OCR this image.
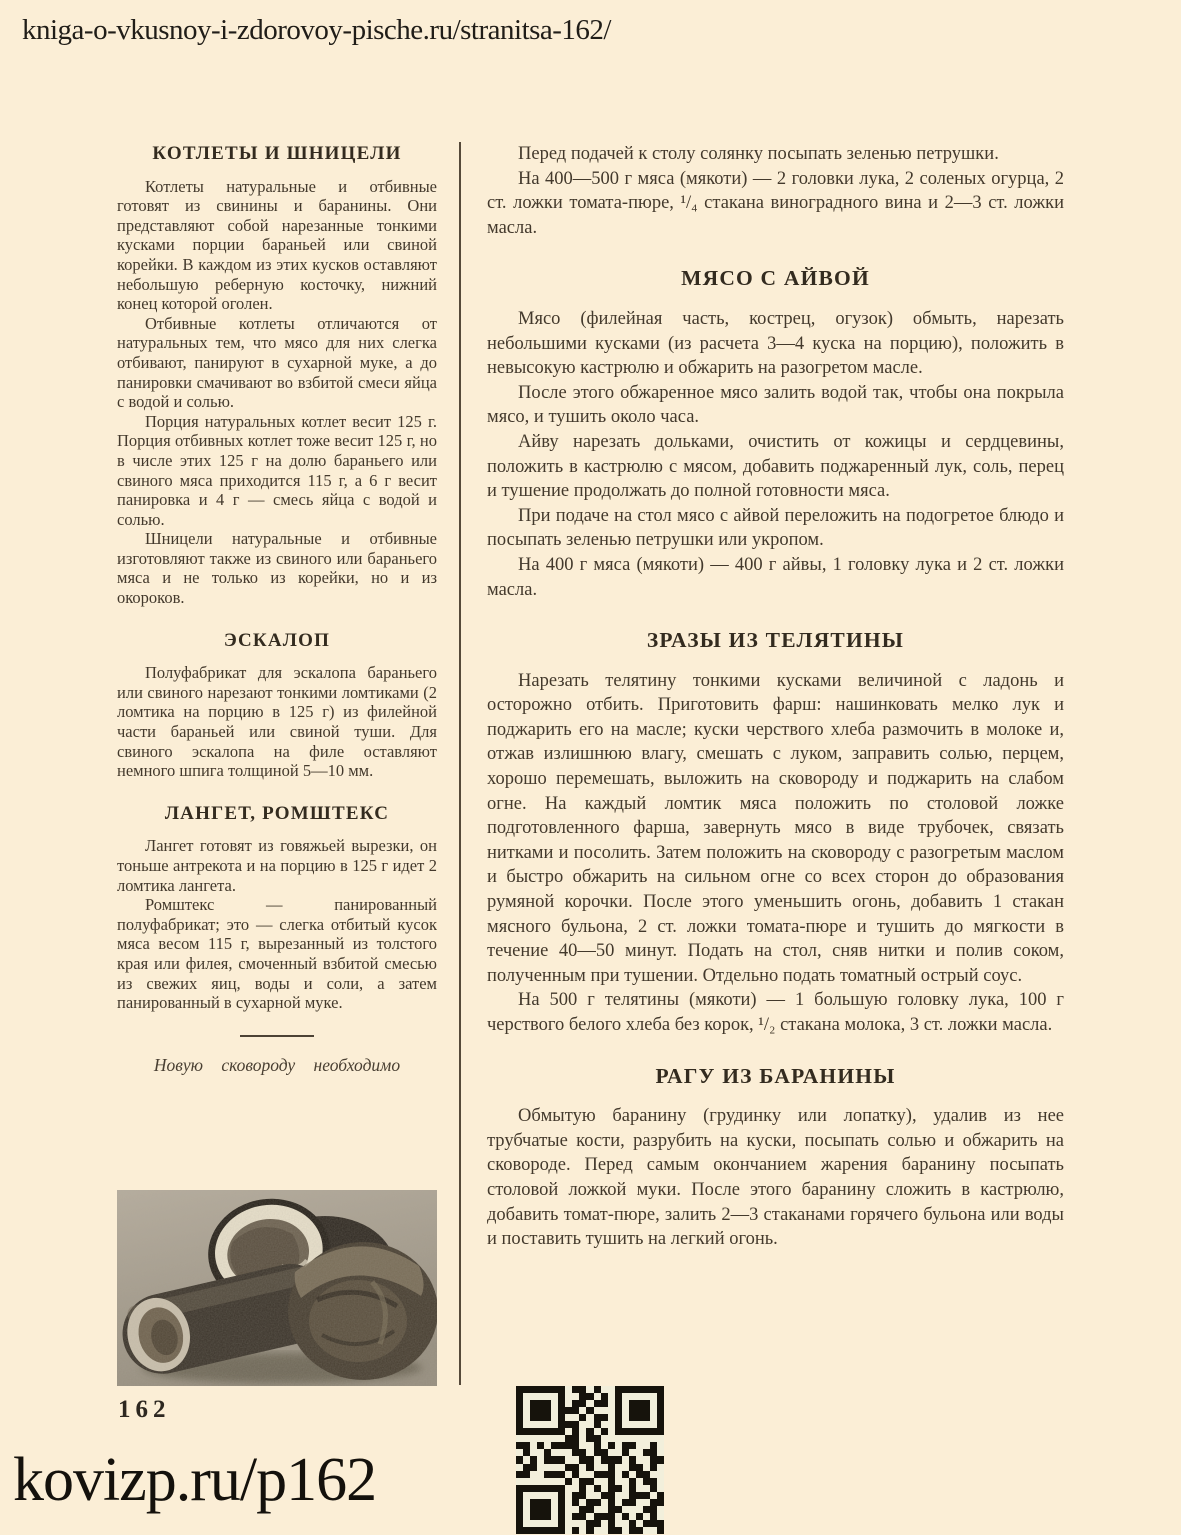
kniga-o-vkusnoy-i-zdorovoy-pische.ru/stranitsa-162/
КОТЛЕТЫ И ШНИЦЕЛИ

Котлеты натуральные и отбивные готовят из свинины и баранины. Они представляют собой нарезанные тонкими кусками порции бараньей или свиной корейки. В каждом из этих кусков оставляют небольшую реберную косточку, нижний конец которой оголен.

Отбивные котлеты отличаются от натуральных тем, что мясо для них слегка отбивают, панируют в сухарной муке, а до панировки смачивают во взбитой смеси яйца с водой и солью.

Порция натуральных котлет весит 125 г. Порция отбивных котлет тоже весит 125 г, но в числе этих 125 г на долю бараньего или свиного мяса приходится 115 г, а 6 г весит панировка и 4 г — смесь яйца с водой и солью.

Шницели натуральные и отбивные изготовляют также из свиного или бараньего мяса и не только из корейки, но и из окороков.

ЭСКАЛОП

Полуфабрикат для эскалопа бараньего или свиного нарезают тонкими ломтиками (2 ломтика на порцию в 125 г) из филейной части бараньей или свиной туши. Для свиного эскалопа на филе оставляют немного шпига толщиной 5—10 мм.

ЛАНГЕТ, РОМШТЕКС

Лангет готовят из говяжьей вырезки, он тоньше антрекота и на порцию в 125 г идет 2 ломтика лангета.

Ромштекс — панированный полуфабрикат; это — слегка отбитый кусок мяса весом 115 г, вырезанный из толстого края или филея, смоченный взбитой смесью из свежих яиц, воды и соли, а затем панированный в сухарной муке.

Новую сковороду необходимо
162

Перед подачей к столу солянку посыпать зеленью петрушки.

На 400—500 г мяса (мякоти) — 2 головки лука, 2 соленых огурца, 2 ст. ложки томата-пюре, ¹/₄ стакана виноградного вина и 2—3 ст. ложки масла.

МЯСО С АЙВОЙ

Мясо (филейная часть, кострец, огузок) обмыть, нарезать небольшими кусками (из расчета 3—4 куска на порцию), положить в невысокую кастрюлю и обжарить на разогретом масле.

После этого обжаренное мясо залить водой так, чтобы она покрыла мясо, и тушить около часа.

Айву нарезать дольками, очистить от кожицы и сердцевины, положить в кастрюлю с мясом, добавить поджаренный лук, соль, перец и тушение продолжать до полной готовности мяса.

При подаче на стол мясо с айвой переложить на подогретое блюдо и посыпать зеленью петрушки или укропом.

На 400 г мяса (мякоти) — 400 г айвы, 1 головку лука и 2 ст. ложки масла.

ЗРАЗЫ ИЗ ТЕЛЯТИНЫ

Нарезать телятину тонкими кусками величиной с ладонь и осторожно отбить. Приготовить фарш: нашинковать мелко лук и поджарить его на масле; куски черствого хлеба размочить в молоке и, отжав излишнюю влагу, смешать с луком, заправить солью, перцем, хорошо перемешать, выложить на сковороду и поджарить на слабом огне. На каждый ломтик мяса положить по столовой ложке подготовленного фарша, завернуть мясо в виде трубочек, связать нитками и посолить. Затем положить на сковороду с разогретым маслом и быстро обжарить на сильном огне со всех сторон до образования румяной корочки. После этого уменьшить огонь, добавить 1 стакан мясного бульона, 2 ст. ложки томата-пюре и тушить до мягкости в течение 40—50 минут. Подать на стол, сняв нитки и полив соком, полученным при тушении. Отдельно подать томатный острый соус.

На 500 г телятины (мякоти) — 1 большую головку лука, 100 г черствого белого хлеба без корок, ¹/₂ стакана молока, 3 ст. ложки масла.

РАГУ ИЗ БАРАНИНЫ

Обмытую баранину (грудинку или лопатку), удалив из нее трубчатые кости, разрубить на куски, посыпать солью и обжарить на сковороде. Перед самым окончанием жарения баранину посыпать столовой ложкой муки. После этого баранину сложить в кастрюлю, добавить томат-пюре, залить 2—3 стаканами горячего бульона или воды и поставить тушить на легкий огонь.

kovizp.ru/p162
